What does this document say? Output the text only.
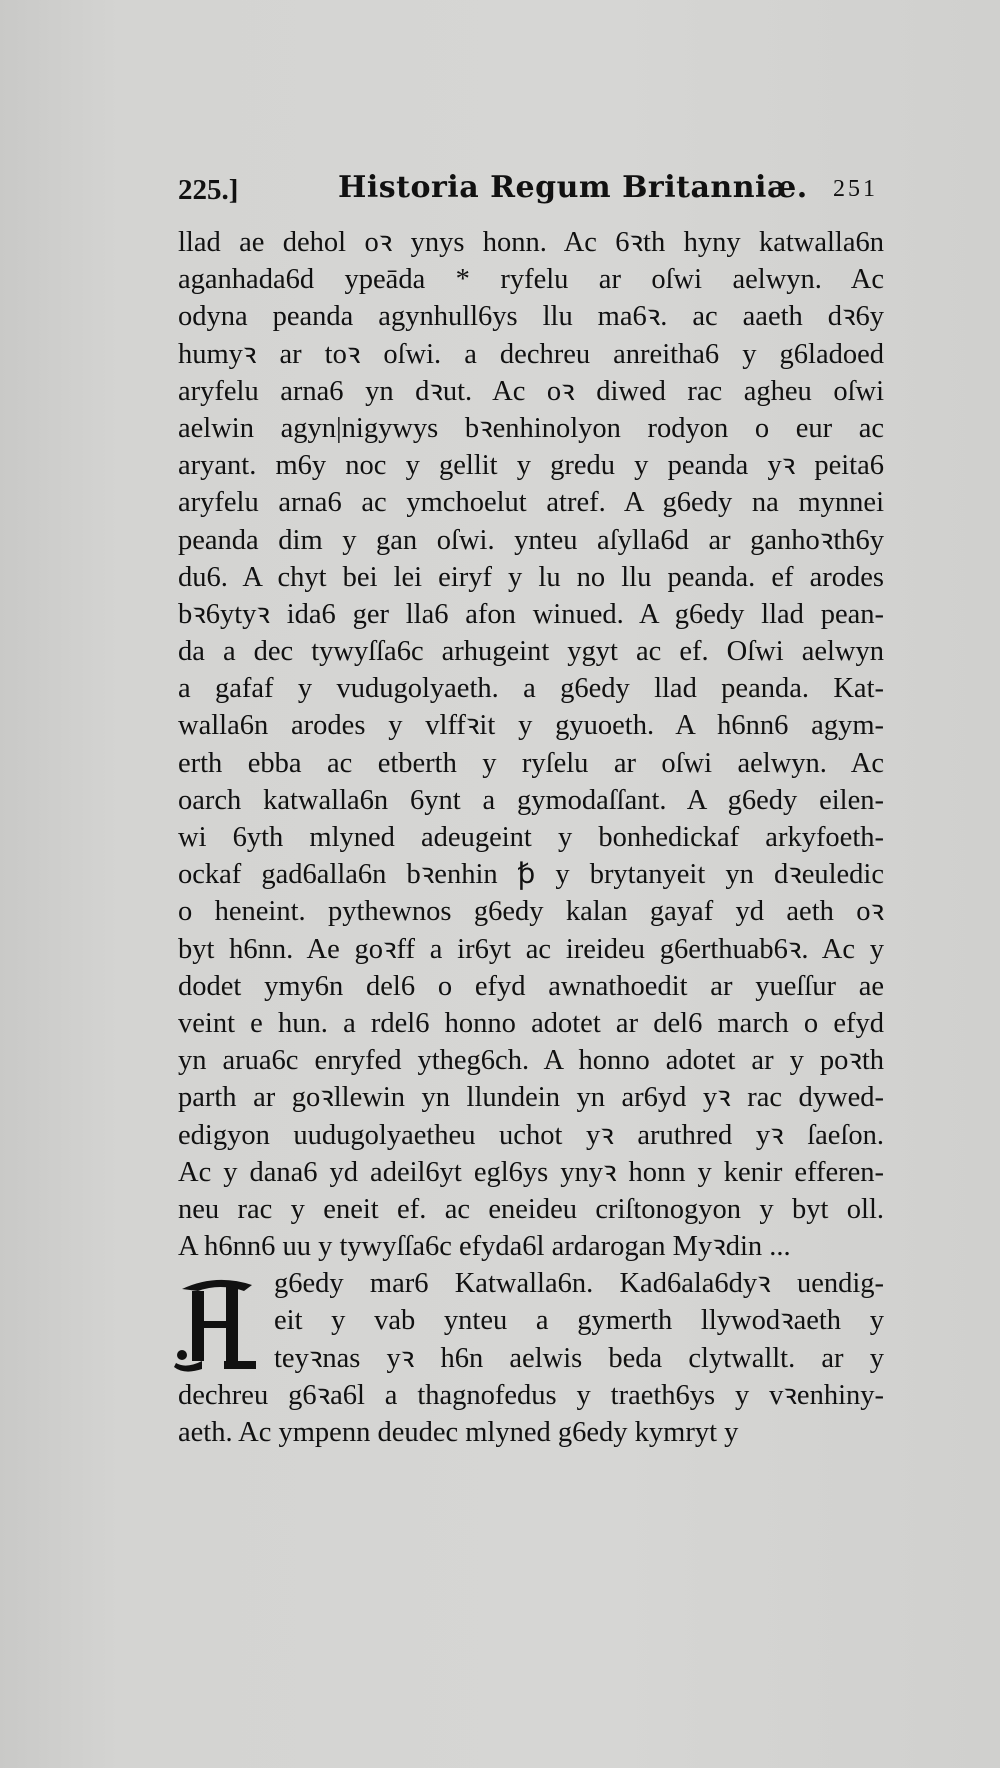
225.]	Historia Regum Britanniæ. 251
llad ae dehol oꝛ ynys honn. Ac 6ꝛth hyny katwalla6n
aganhada6d ypeāda * ryfelu ar oſwi aelwyn. Ac
odyna peanda agynhull6ys llu ma6ꝛ. ac aaeth dꝛ6y
humyꝛ ar toꝛ oſwi. a dechreu anreitha6 y g6ladoed
aryfelu arna6 yn dꝛut. Ac oꝛ diwed rac agheu oſwi
aelwin agyn|nigywys bꝛenhinolyon rodyon o eur ac
aryant. m6y noc y gellit y gredu y peanda yꝛ peita6
aryfelu arna6 ac ymchoelut atref. A g6edy na mynnei
peanda dim y gan oſwi. ynteu aſylla6d ar ganhoꝛth6y
du6. A chyt bei lei eiryf y lu no llu peanda. ef arodes
bꝛ6ytyꝛ ida6 ger lla6 afon winued. A g6edy llad pean-
da a dec tywyſſa6c arhugeint ygyt ac ef. Oſwi aelwyn
a gafaf y vudugolyaeth. a g6edy llad peanda. Kat-
walla6n arodes y vlffꝛit y gyuoeth. A h6nn6 agym-
erth ebba ac etberth y ryſelu ar oſwi aelwyn. Ac
oarch katwalla6n 6ynt a gymodaſſant. A g6edy eilen-
wi 6yth mlyned adeugeint y bonhedickaf arkyfoeth-
ockaf gad6alla6n bꝛenhin ꝥ y brytanyeit yn dꝛeuledic
o heneint. pythewnos g6edy kalan gayaf yd aeth oꝛ
byt h6nn. Ae goꝛff a ir6yt ac ireideu g6erthuab6ꝛ. Ac y
dodet ymy6n del6 o efyd awnathoedit ar yueſſur ae
veint e hun. a rdel6 honno adotet ar del6 march o efyd
yn arua6c enryfed ytheg6ch. A honno adotet ar y poꝛth
parth ar goꝛllewin yn llundein yn ar6yd yꝛ rac dywed-
edigyon uudugolyaetheu uchot yꝛ aruthred yꝛ ſaeſon.
Ac y dana6 yd adeil6yt egl6ys ynyꝛ honn y kenir efferen-
neu rac y eneit ef. ac eneideu criſtonogyon y byt oll.
A h6nn6 uu y tywyſſa6c efyda6l ardarogan Myꝛdin ...
g6edy mar6 Katwalla6n. Kad6ala6dyꝛ uendig-
eit y vab ynteu a gymerth llywodꝛaeth y
teyꝛnas yꝛ h6n aelwis beda clytwallt. ar y
dechreu g6ꝛa6l a thagnofedus y traeth6ys y vꝛenhiny-
aeth. Ac ympenn deudec mlyned g6edy kymryt y
